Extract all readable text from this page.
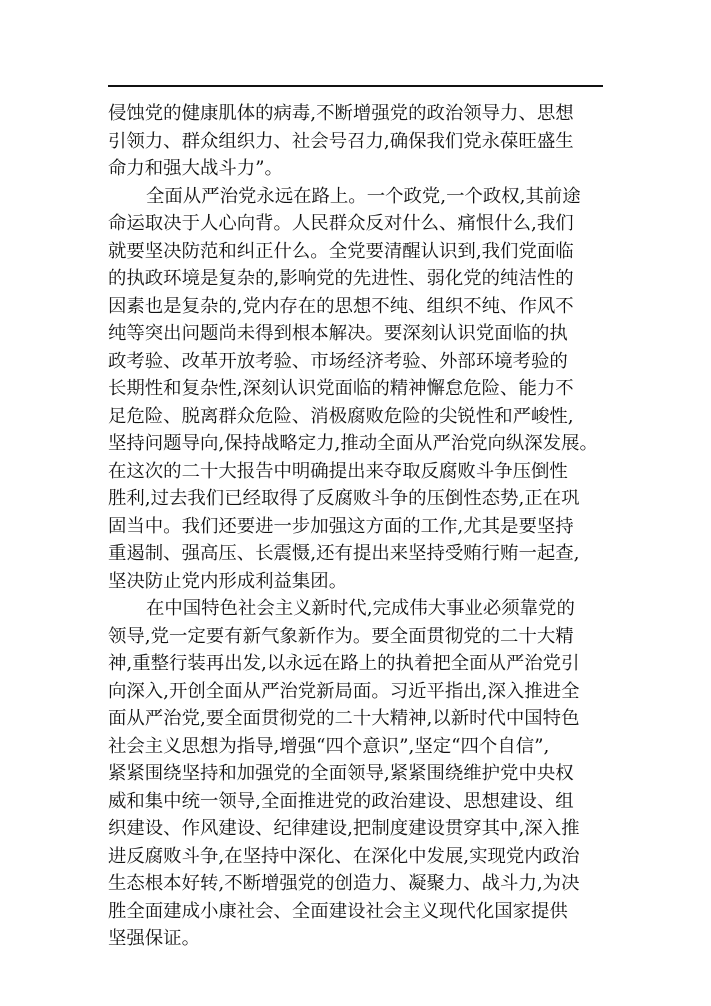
侵蚀党的健康肌体的病毒,不断增强党的政治领导力、思想
引领力、群众组织力、社会号召力,确保我们党永葆旺盛生
命力和强大战斗力”。
全面从严治党永远在路上。一个政党,一个政权,其前途
命运取决于人心向背。人民群众反对什么、痛恨什么,我们
就要坚决防范和纠正什么。全党要清醒认识到,我们党面临
的执政环境是复杂的,影响党的先进性、弱化党的纯洁性的
因素也是复杂的,党内存在的思想不纯、组织不纯、作风不
纯等突出问题尚未得到根本解决。要深刻认识党面临的执
政考验、改革开放考验、市场经济考验、外部环境考验的
长期性和复杂性,深刻认识党面临的精神懈怠危险、能力不
足危险、脱离群众危险、消极腐败危险的尖锐性和严峻性,
坚持问题导向,保持战略定力,推动全面从严治党向纵深发展。
在这次的二十大报告中明确提出来夺取反腐败斗争压倒性
胜利,过去我们已经取得了反腐败斗争的压倒性态势,正在巩
固当中。我们还要进一步加强这方面的工作,尤其是要坚持
重遏制、强高压、长震慑,还有提出来坚持受贿行贿一起查,
坚决防止党内形成利益集团。
在中国特色社会主义新时代,完成伟大事业必须靠党的
领导,党一定要有新气象新作为。要全面贯彻党的二十大精
神,重整行装再出发,以永远在路上的执着把全面从严治党引
向深入,开创全面从严治党新局面。习近平指出,深入推进全
面从严治党,要全面贯彻党的二十大精神,以新时代中国特色
社会主义思想为指导,增强“四个意识”,坚定“四个自信”,
紧紧围绕坚持和加强党的全面领导,紧紧围绕维护党中央权
威和集中统一领导,全面推进党的政治建设、思想建设、组
织建设、作风建设、纪律建设,把制度建设贯穿其中,深入推
进反腐败斗争,在坚持中深化、在深化中发展,实现党内政治
生态根本好转,不断增强党的创造力、凝聚力、战斗力,为决
胜全面建成小康社会、全面建设社会主义现代化国家提供
坚强保证。
